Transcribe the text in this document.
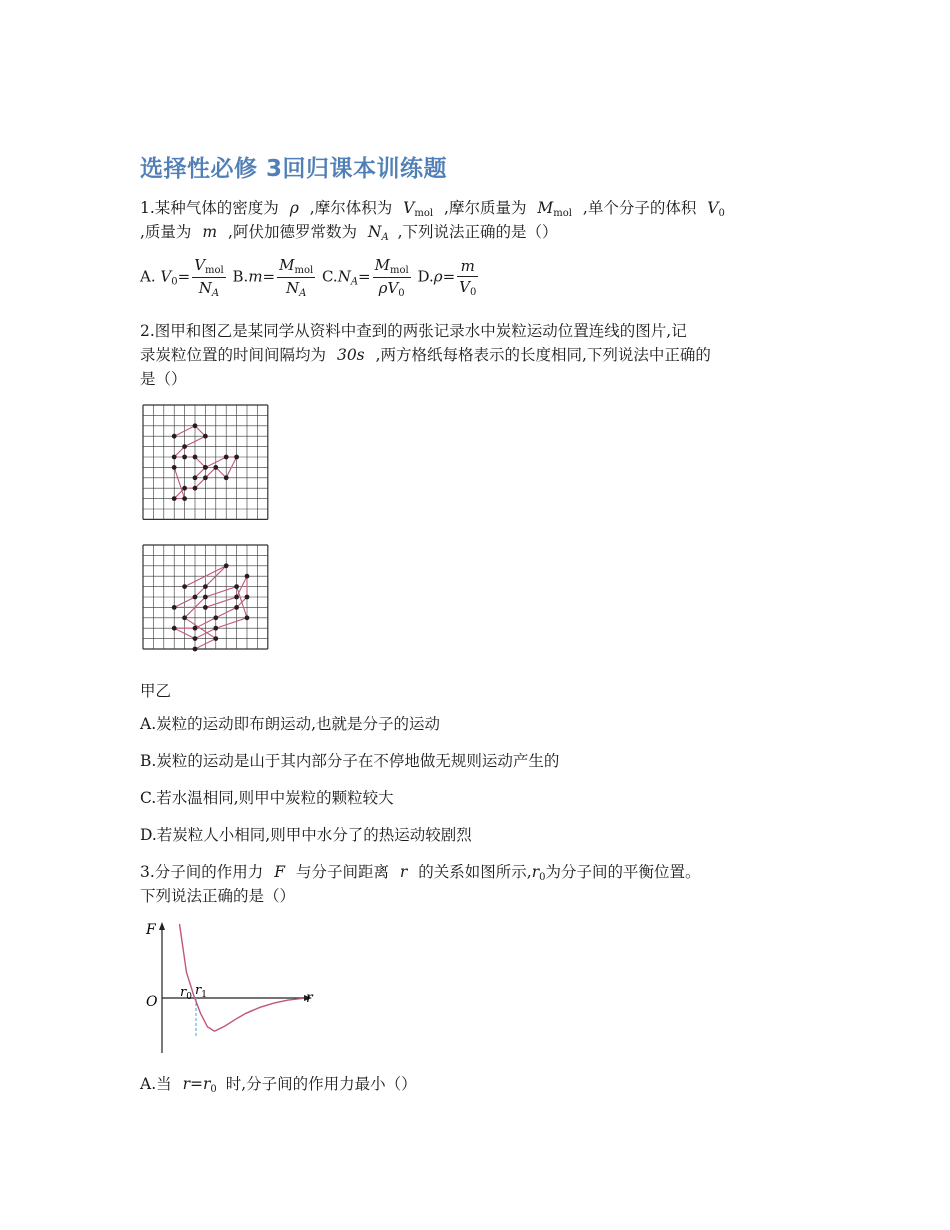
选择性必修 3回归课本训练题
1.某种气体的密度为 ρ ,摩尔体积为 $V_{mol}$ ,摩尔质量为 $M_{mol}$ ,单个分子的体积 $V_0$
,质量为 m ,阿伏加德罗常数为 $N_A$ ,下列说法正确的是（）
A. $V_0= \frac{V_{mol}}{N_A} B.m= \frac{M_{mol}}{N_A} C.N_A= \frac{M_{mol}}{\rho V_0} D.\rho= \frac{m}{V_0}$
2.图甲和图乙是某同学从资料中查到的两张记录水中炭粒运动位置连线的图片,记
录炭粒位置的时间间隔均为 30s ,两方格纸每格表示的长度相同,下列说法中正确的
是（）
甲乙
A.炭粒的运动即布朗运动,也就是分子的运动
B.炭粒的运动是山于其内部分子在不停地做无规则运动产生的
C.若水温相同,则甲中炭粒的颗粒较大
D.若炭粒人小相同,则甲中水分了的热运动较剧烈
3.分子间的作用力 F 与分子间距离 r 的关系如图所示$,r_0$为分子间的平衡位置。
下列说法正确的是（）
F
O	r
$r_0$ $r_1$
A.当 $r=r_0$ 时,分子间的作用力最小（）
